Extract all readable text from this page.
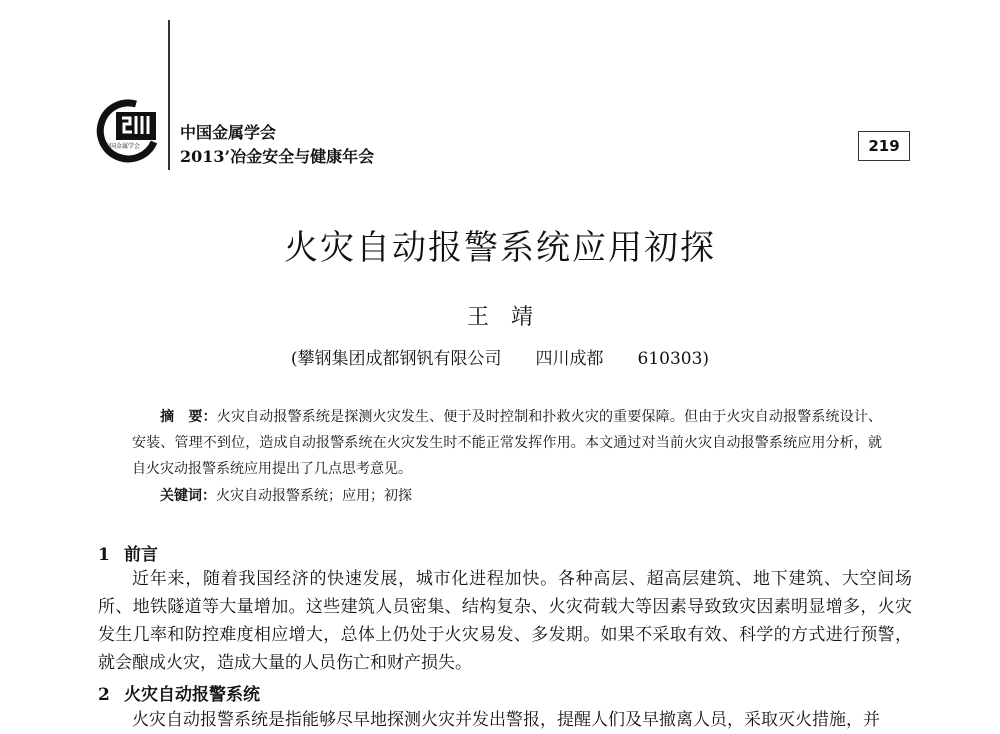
中国金属学会
中国金属学会
2013’冶金安全与健康年会
219
火灾自动报警系统应用初探
王　靖
(攀钢集团成都钢钒有限公司　　四川成都　　610303)
摘　要：火灾自动报警系统是探测火灾发生、便于及时控制和扑救火灾的重要保障。但由于火灾自动报警系统设计、安装、管理不到位，造成自动报警系统在火灾发生时不能正常发挥作用。本文通过对当前火灾自动报警系统应用分析，就自火灾动报警系统应用提出了几点思考意见。
关键词：火灾自动报警系统；应用；初探
1 前言
近年来，随着我国经济的快速发展，城市化进程加快。各种高层、超高层建筑、地下建筑、大空间场所、地铁隧道等大量增加。这些建筑人员密集、结构复杂、火灾荷载大等因素导致致灾因素明显增多，火灾发生几率和防控难度相应增大，总体上仍处于火灾易发、多发期。如果不采取有效、科学的方式进行预警，就会酿成火灾，造成大量的人员伤亡和财产损失。
2 火灾自动报警系统
火灾自动报警系统是指能够尽早地探测火灾并发出警报，提醒人们及早撤离人员，采取灭火措施，并
